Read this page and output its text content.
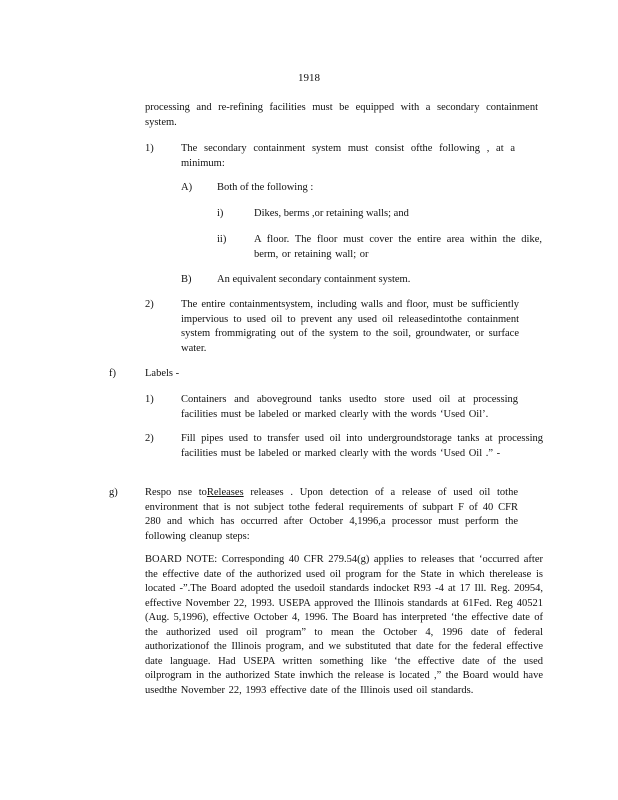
1918
processing and re-refining facilities must be equipped with a secondary containment system.
1)	The secondary containment system must consist ofthe following , at a minimum:
A) Both of the following :
i)	Dikes, berms ,or retaining walls; and
ii)	A floor. The floor must cover the entire area within the dike, berm, or retaining wall; or
B) An equivalent secondary containment system.
2)	The entire containmentsystem, including walls and floor, must be sufficiently impervious to used oil to prevent any used oil releasedintothe containment system frommigrating out of the system to the soil, groundwater, or surface water.
f)	Labels -
1)	Containers and aboveground tanks usedto store used oil at processing facilities must be labeled or marked clearly with the words ‘Used Oil’.
2)	Fill pipes used to transfer used oil into undergroundstorage tanks at processing facilities must be labeled or marked clearly with the words ‘Used Oil .” -
g)	Respo nse toReleases releases . Upon detection of a release of used oil tothe environment that is not subject tothe federal requirements of subpart F of 40 CFR 280 and which has occurred after October 4,1996,a processor must perform the following cleanup steps:
BOARD NOTE: Corresponding 40 CFR 279.54(g) applies to releases that ‘occurred after the effective date of the authorized used oil program for the State in which therelease is located -”.The Board adopted the usedoil standards indocket R93 -4 at 17 Ill. Reg. 20954, effective November 22, 1993. USEPA approved the Illinois standards at 61Fed. Reg 40521 (Aug. 5,1996), effective October 4, 1996. The Board has interpreted ‘the effective date of the authorized used oil program” to mean the October 4, 1996 date of federal authorizationof the Illinois program, and we substituted that date for the federal effective date language. Had USEPA written something like ‘the effective date of the used oilprogram in the authorized State inwhich the release is located ,” the Board would have usedthe November 22, 1993 effective date of the Illinois used oil standards.
